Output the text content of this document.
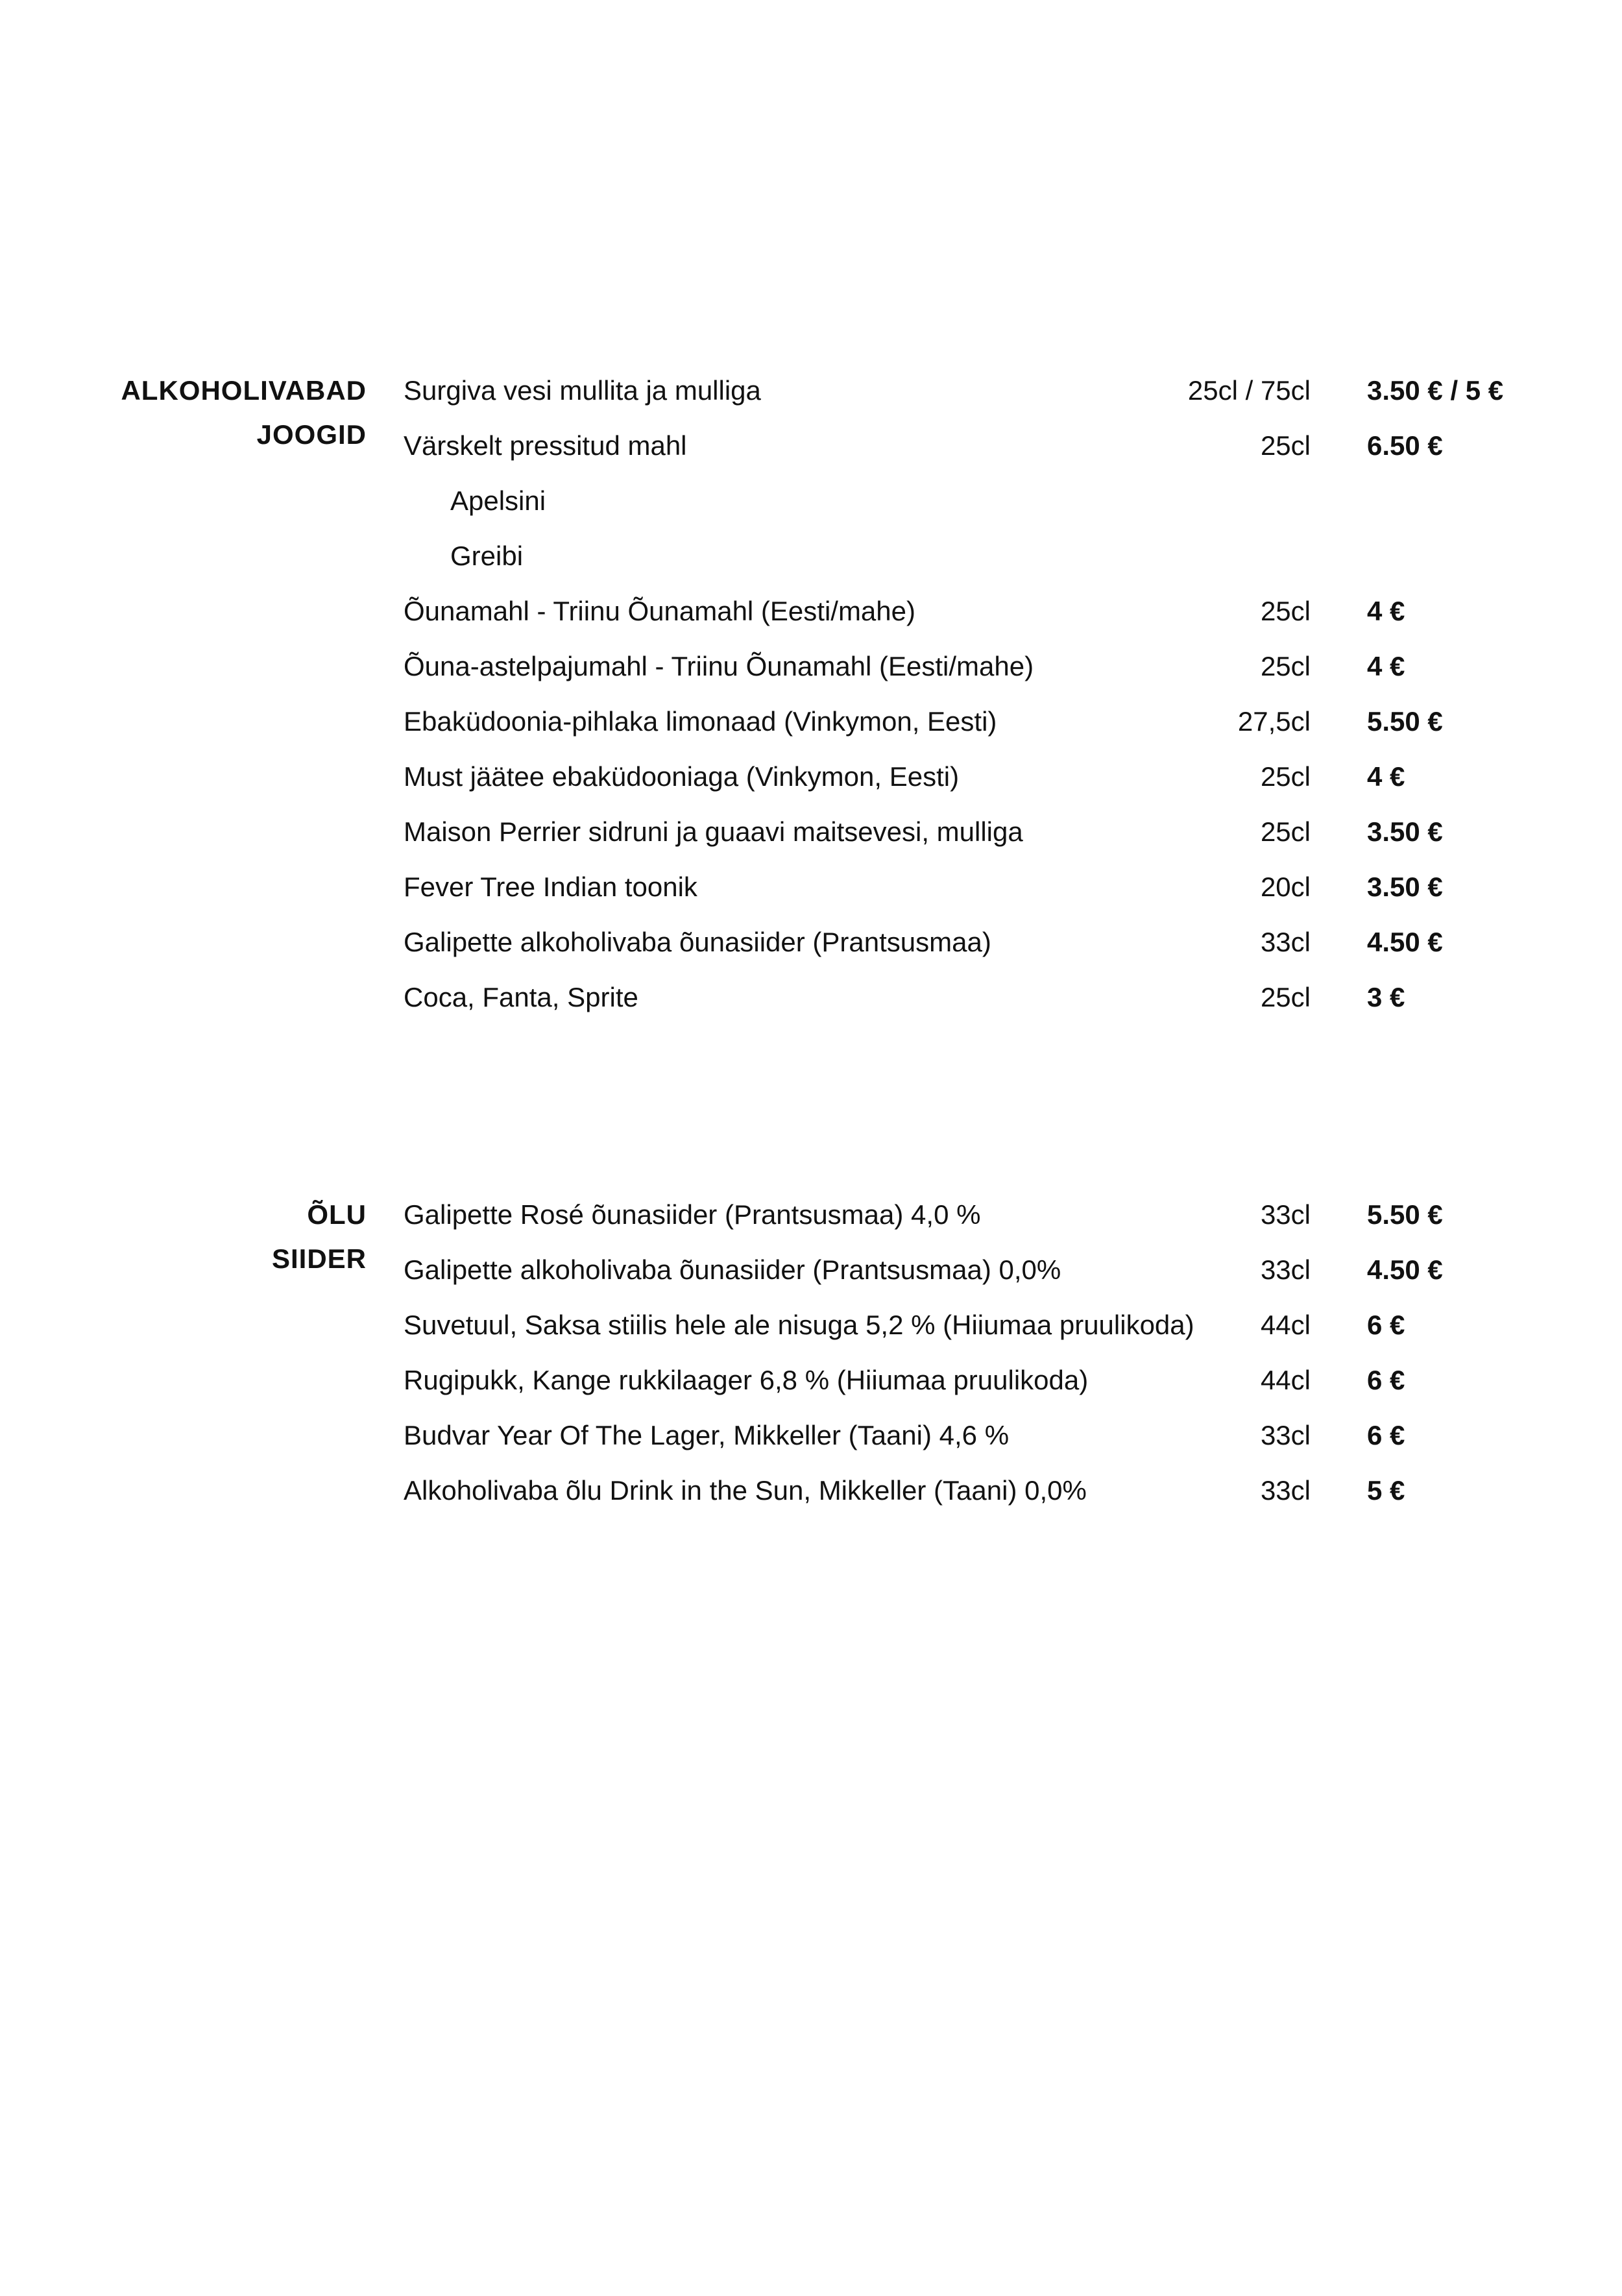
ALKOHOLIVABAD
JOOGID
Surgiva vesi mullita ja mulliga	25cl / 75cl 3.50 € / 5 €
Värskelt pressitud mahl	25cl 6.50 €
Apelsini
Greibi
Õunamahl - Triinu Õunamahl (Eesti/mahe)	25cl 4 €
Õuna-astelpajumahl - Triinu Õunamahl (Eesti/mahe)	25cl 4 €
Ebaküdoonia-pihlaka limonaad (Vinkymon, Eesti)	27,5cl 5.50 €
Must jäätee ebaküdooniaga (Vinkymon, Eesti)	25cl 4 €
Maison Perrier sidruni ja guaavi maitsevesi, mulliga	25cl 3.50 €
Fever Tree Indian toonik	20cl 3.50 €
Galipette alkoholivaba õunasiider (Prantsusmaa)	33cl 4.50 €
Coca, Fanta, Sprite	25cl 3 €
ÕLU
SIIDER
Galipette Rosé õunasiider (Prantsusmaa) 4,0 %	33cl 5.50 €
Galipette alkoholivaba õunasiider (Prantsusmaa) 0,0%	33cl 4.50 €
Suvetuul, Saksa stiilis hele ale nisuga 5,2 % (Hiiumaa pruulikoda) 44cl 6 €
Rugipukk, Kange rukkilaager 6,8 % (Hiiumaa pruulikoda)	44cl 6 €
Budvar Year Of The Lager, Mikkeller (Taani) 4,6 %	33cl 6 €
Alkoholivaba õlu Drink in the Sun, Mikkeller (Taani) 0,0%	33cl 5 €
